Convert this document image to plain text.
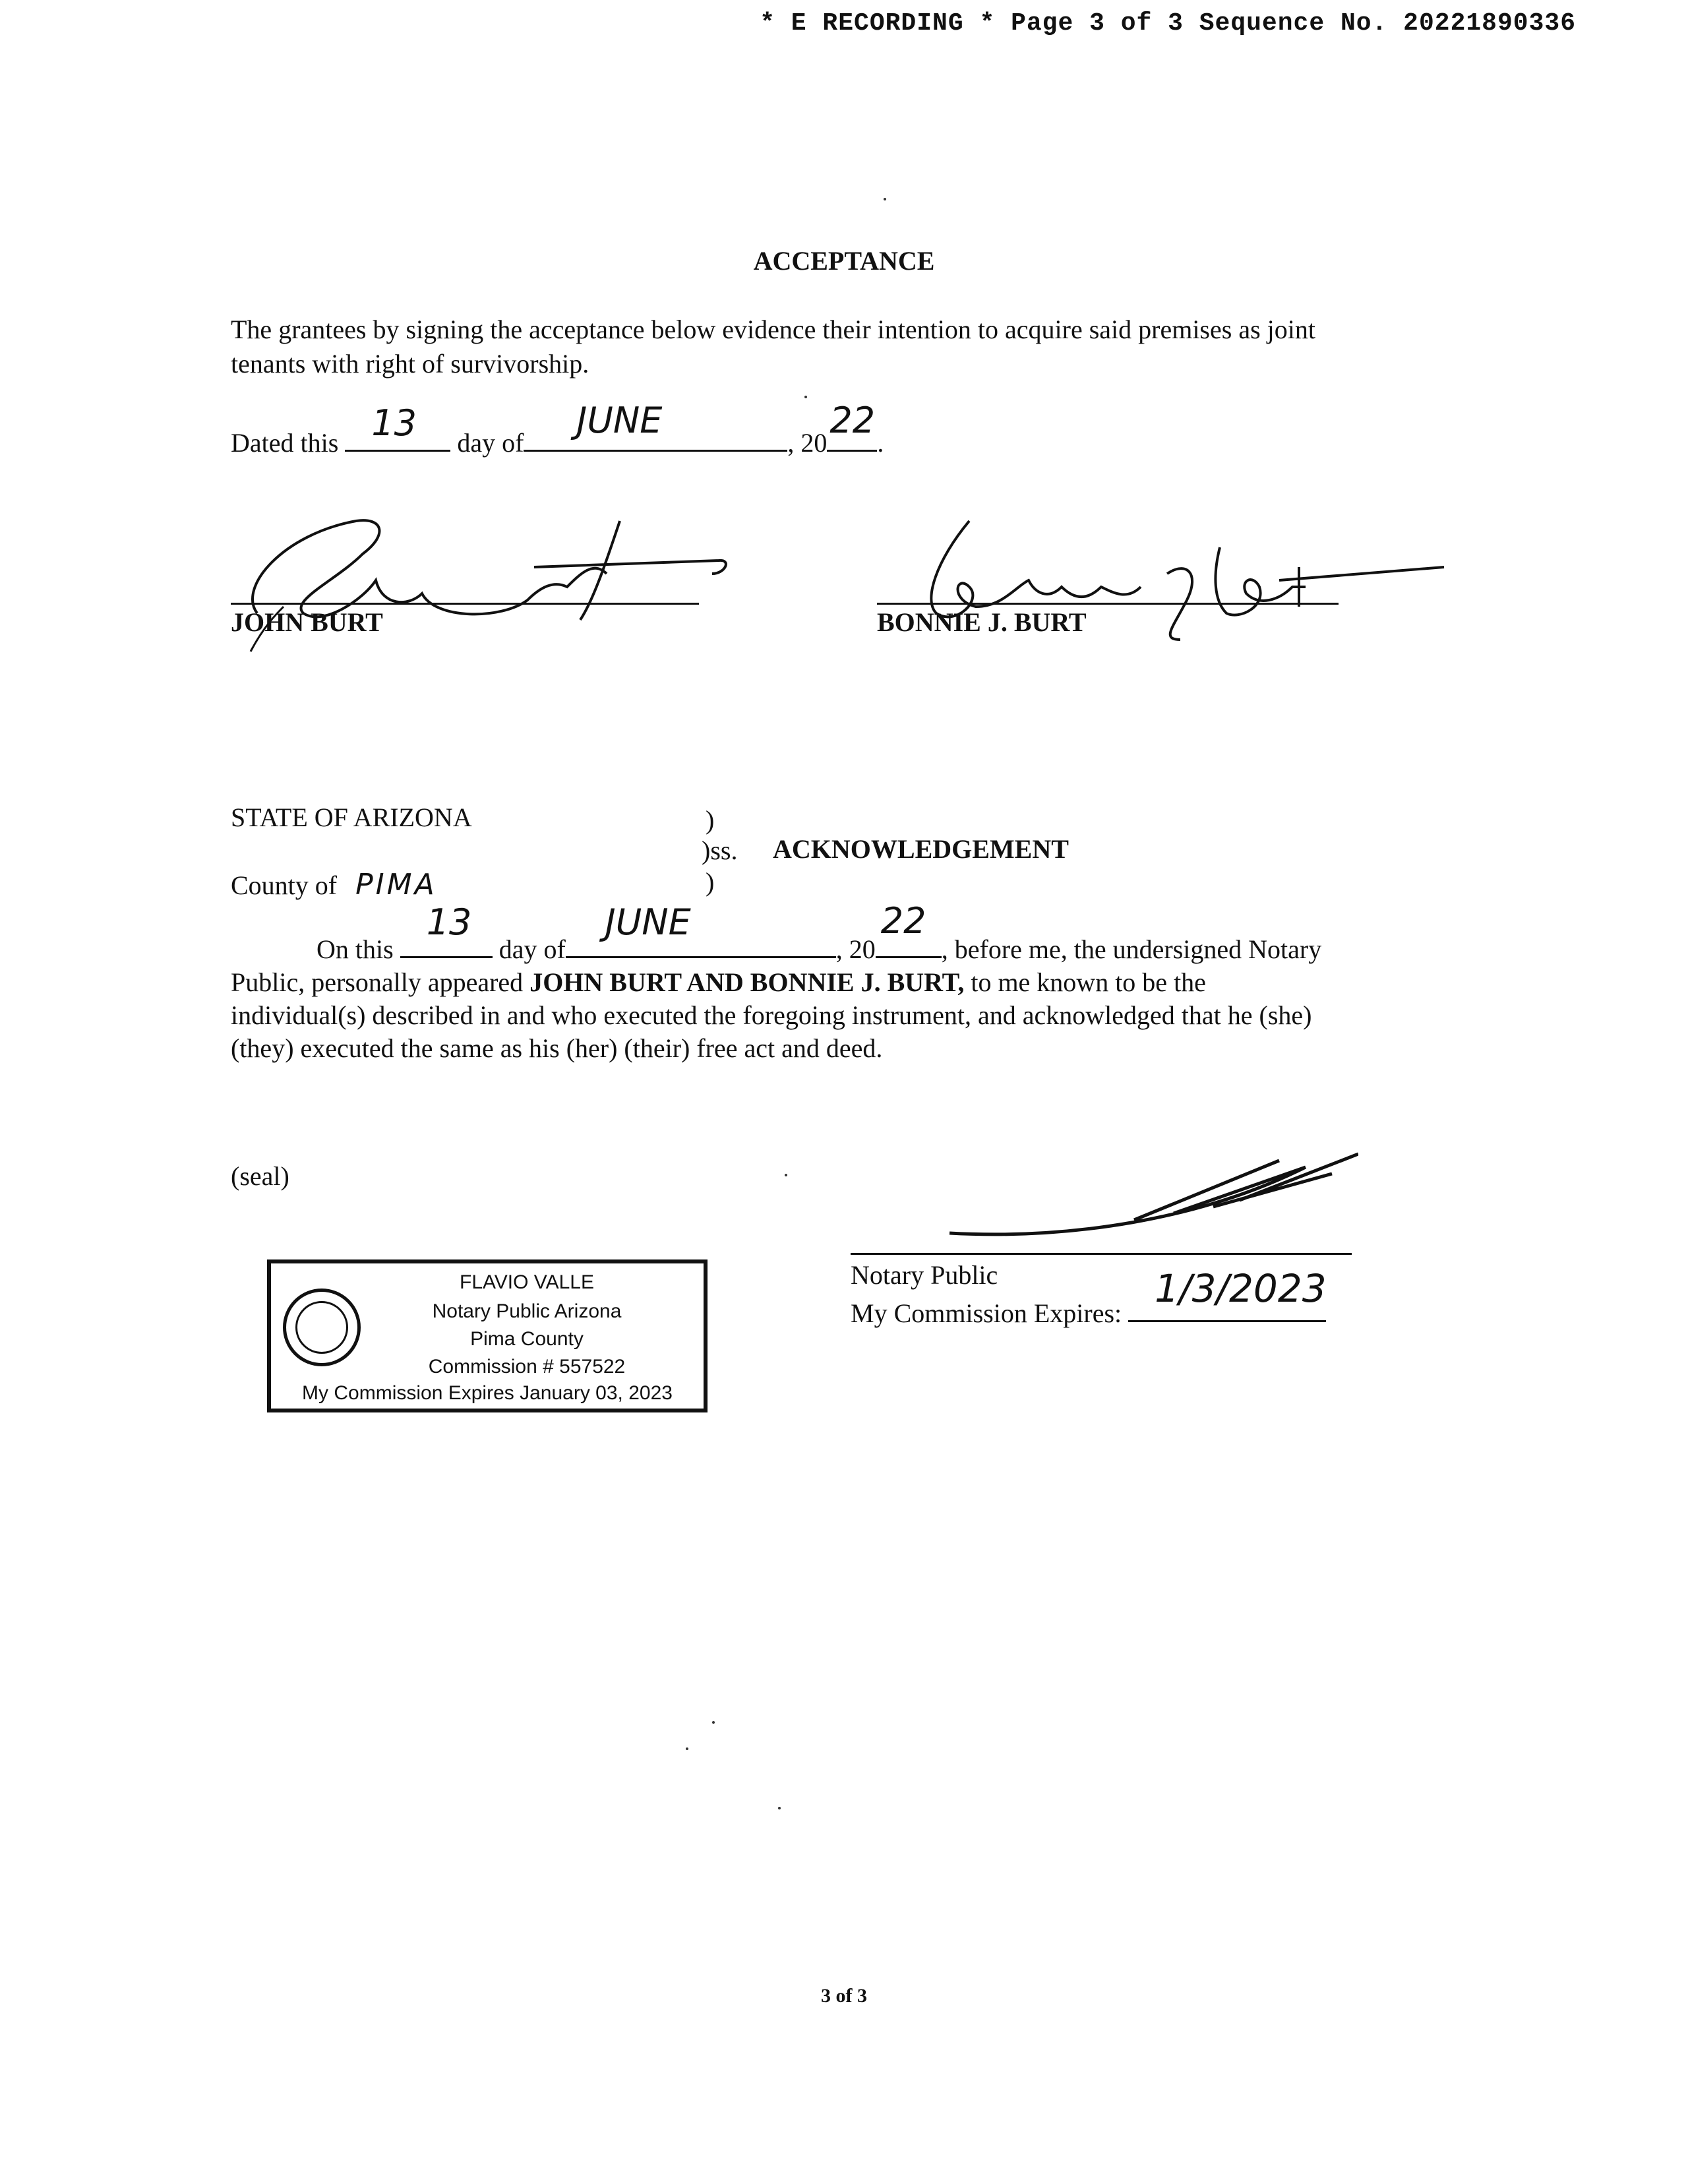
* E RECORDING * Page 3 of 3 Sequence No. 20221890336
ACCEPTANCE
The grantees by signing the acceptance below evidence their intention to acquire said premises as joint
tenants with right of survivorship.
Dated this 13 day of
JUNE
, 20
22
.
JOHN BURT	BONNIE J. BURT
STATE OF ARIZONA	)
)ss. ACKNOWLEDGEMENT
)
County of PIMA
On this
13
day of
JUNE
, 20
22
, before me, the undersigned Notary
Public, personally appeared JOHN BURT AND BONNIE J. BURT, to me known to be the
individual(s) described in and who executed the foregoing instrument, and acknowledged that he (she)
(they) executed the same as his (her) (their) free act and deed.
(seal)
FLAVIO VALLE
Notary Public Arizona
Pima County
Commission # 557522
My Commission Expires January 03, 2023
Notary Public
My Commission Expires:
1/3/2023
3 of 3
